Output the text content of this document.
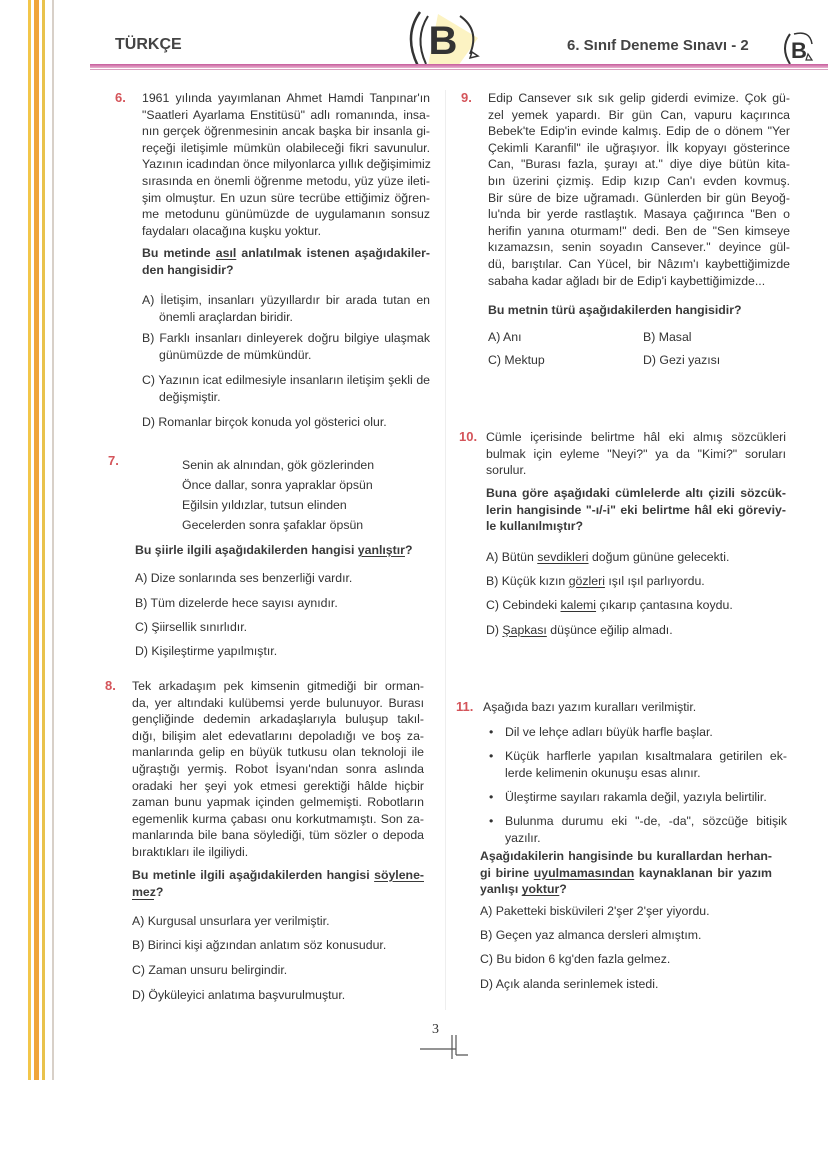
TÜRKÇE	B	6. Sınıf Deneme Sınavı - 2 B
6. 1961 yılında yayımlanan Ahmet Hamdi Tanpınar'ın
"Saatleri Ayarlama Enstitüsü" adlı romanında, insa-
nın gerçek öğrenmesinin ancak başka bir insanla gi-
reçeği iletişimle mümkün olabileceği fikri savunulur.
Yazının icadından önce milyonlarca yıllık değişimimiz
sırasında en önemli öğrenme metodu, yüz yüze ileti-
şim olmuştur. En uzun süre tecrübe ettiğimiz öğren-
me metodunu günümüzde de uygulamanın sonsuz
faydaları olacağına kuşku yoktur.
Bu metinde asıl anlatılmak istenen aşağıdakiler-
den hangisidir?
A) İletişim, insanları yüzyıllardır bir arada tutan en
önemli araçlardan biridir.
B) Farklı insanları dinleyerek doğru bilgiye ulaşmak
günümüzde de mümkündür.
C) Yazının icat edilmesiyle insanların iletişim şekli de
değişmiştir.
D) Romanlar birçok konuda yol gösterici olur.
7.	Senin ak alnından, gök gözlerinden
Önce dallar, sonra yapraklar öpsün
Eğilsin yıldızlar, tutsun elinden
Gecelerden sonra şafaklar öpsün
Bu şiirle ilgili aşağıdakilerden hangisi yanlıştır?
A) Dize sonlarında ses benzerliği vardır.
B) Tüm dizelerde hece sayısı aynıdır.
C) Şiirsellik sınırlıdır.
D) Kişileştirme yapılmıştır.
8. Tek arkadaşım pek kimsenin gitmediği bir orman-
da, yer altındaki kulübemsi yerde bulunuyor. Burası
gençliğinde dedemin arkadaşlarıyla buluşup takıl-
dığı, bilişim alet edevatlarını depoladığı ve boş za-
manlarında gelip en büyük tutkusu olan teknoloji ile
uğraştığı yermiş. Robot İsyanı'ndan sonra aslında
oradaki her şeyi yok etmesi gerektiği hâlde hiçbir
zaman bunu yapmak içinden gelmemişti. Robotların
egemenlik kurma çabası onu korkutmamıştı. Son za-
manlarında bile bana söylediği, tüm sözler o depoda
bıraktıkları ile ilgiliydi.
Bu metinle ilgili aşağıdakilerden hangisi söylene-
mez?
A) Kurgusal unsurlara yer verilmiştir.
B) Birinci kişi ağzından anlatım söz konusudur.
C) Zaman unsuru belirgindir.
D) Öyküleyici anlatıma başvurulmuştur.
9. Edip Cansever sık sık gelip giderdi evimize. Çok gü-
zel yemek yapardı. Bir gün Can, vapuru kaçırınca
Bebek'te Edip'in evinde kalmış. Edip de o dönem "Yer
Çekimli Karanfil" ile uğraşıyor. İlk kopyayı gösterince
Can, "Burası fazla, şurayı at." diye diye bütün kita-
bın üzerini çizmiş. Edip kızıp Can'ı evden kovmuş.
Bir süre de bize uğramadı. Günlerden bir gün Beyoğ-
lu'nda bir yerde rastlaştık. Masaya çağırınca "Ben o
herifin yanına oturmam!" dedi. Ben de "Sen kimseye
kızamazsın, senin soyadın Cansever." deyince gül-
dü, barıştılar. Can Yücel, bir Nâzım'ı kaybettiğimizde
sabaha kadar ağladı bir de Edip'i kaybettiğimizde...
Bu metnin türü aşağıdakilerden hangisidir?
A) Anı	B) Masal
C) Mektup	D) Gezi yazısı
10. Cümle içerisinde belirtme hâl eki almış sözcükleri
bulmak için eyleme "Neyi?" ya da "Kimi?" soruları
sorulur.
Buna göre aşağıdaki cümlelerde altı çizili sözcük-
lerin hangisinde "-ı/-i" eki belirtme hâl eki göreviy-
le kullanılmıştır?
A) Bütün sevdikleri doğum gününe gelecekti.
B) Küçük kızın gözleri ışıl ışıl parlıyordu.
C) Cebindeki kalemi çıkarıp çantasına koydu.
D) Şapkası düşünce eğilip almadı.
11. Aşağıda bazı yazım kuralları verilmiştir.
• Dil ve lehçe adları büyük harfle başlar.
• Küçük harflerle yapılan kısaltmalara getirilen ek-
lerde kelimenin okunuşu esas alınır.
• Üleştirme sayıları rakamla değil, yazıyla belirtilir.
• Bulunma durumu eki "-de, -da", sözcüğe bitişik
yazılır.
Aşağıdakilerin hangisinde bu kurallardan herhan-
gi birine uyulmamasından kaynaklanan bir yazım
yanlışı yoktur?
A) Paketteki bisküvileri 2'şer 2'şer yiyordu.
B) Geçen yaz almanca dersleri almıştım.
C) Bu bidon 6 kg'den fazla gelmez.
D) Açık alanda serinlemek istedi.
3
